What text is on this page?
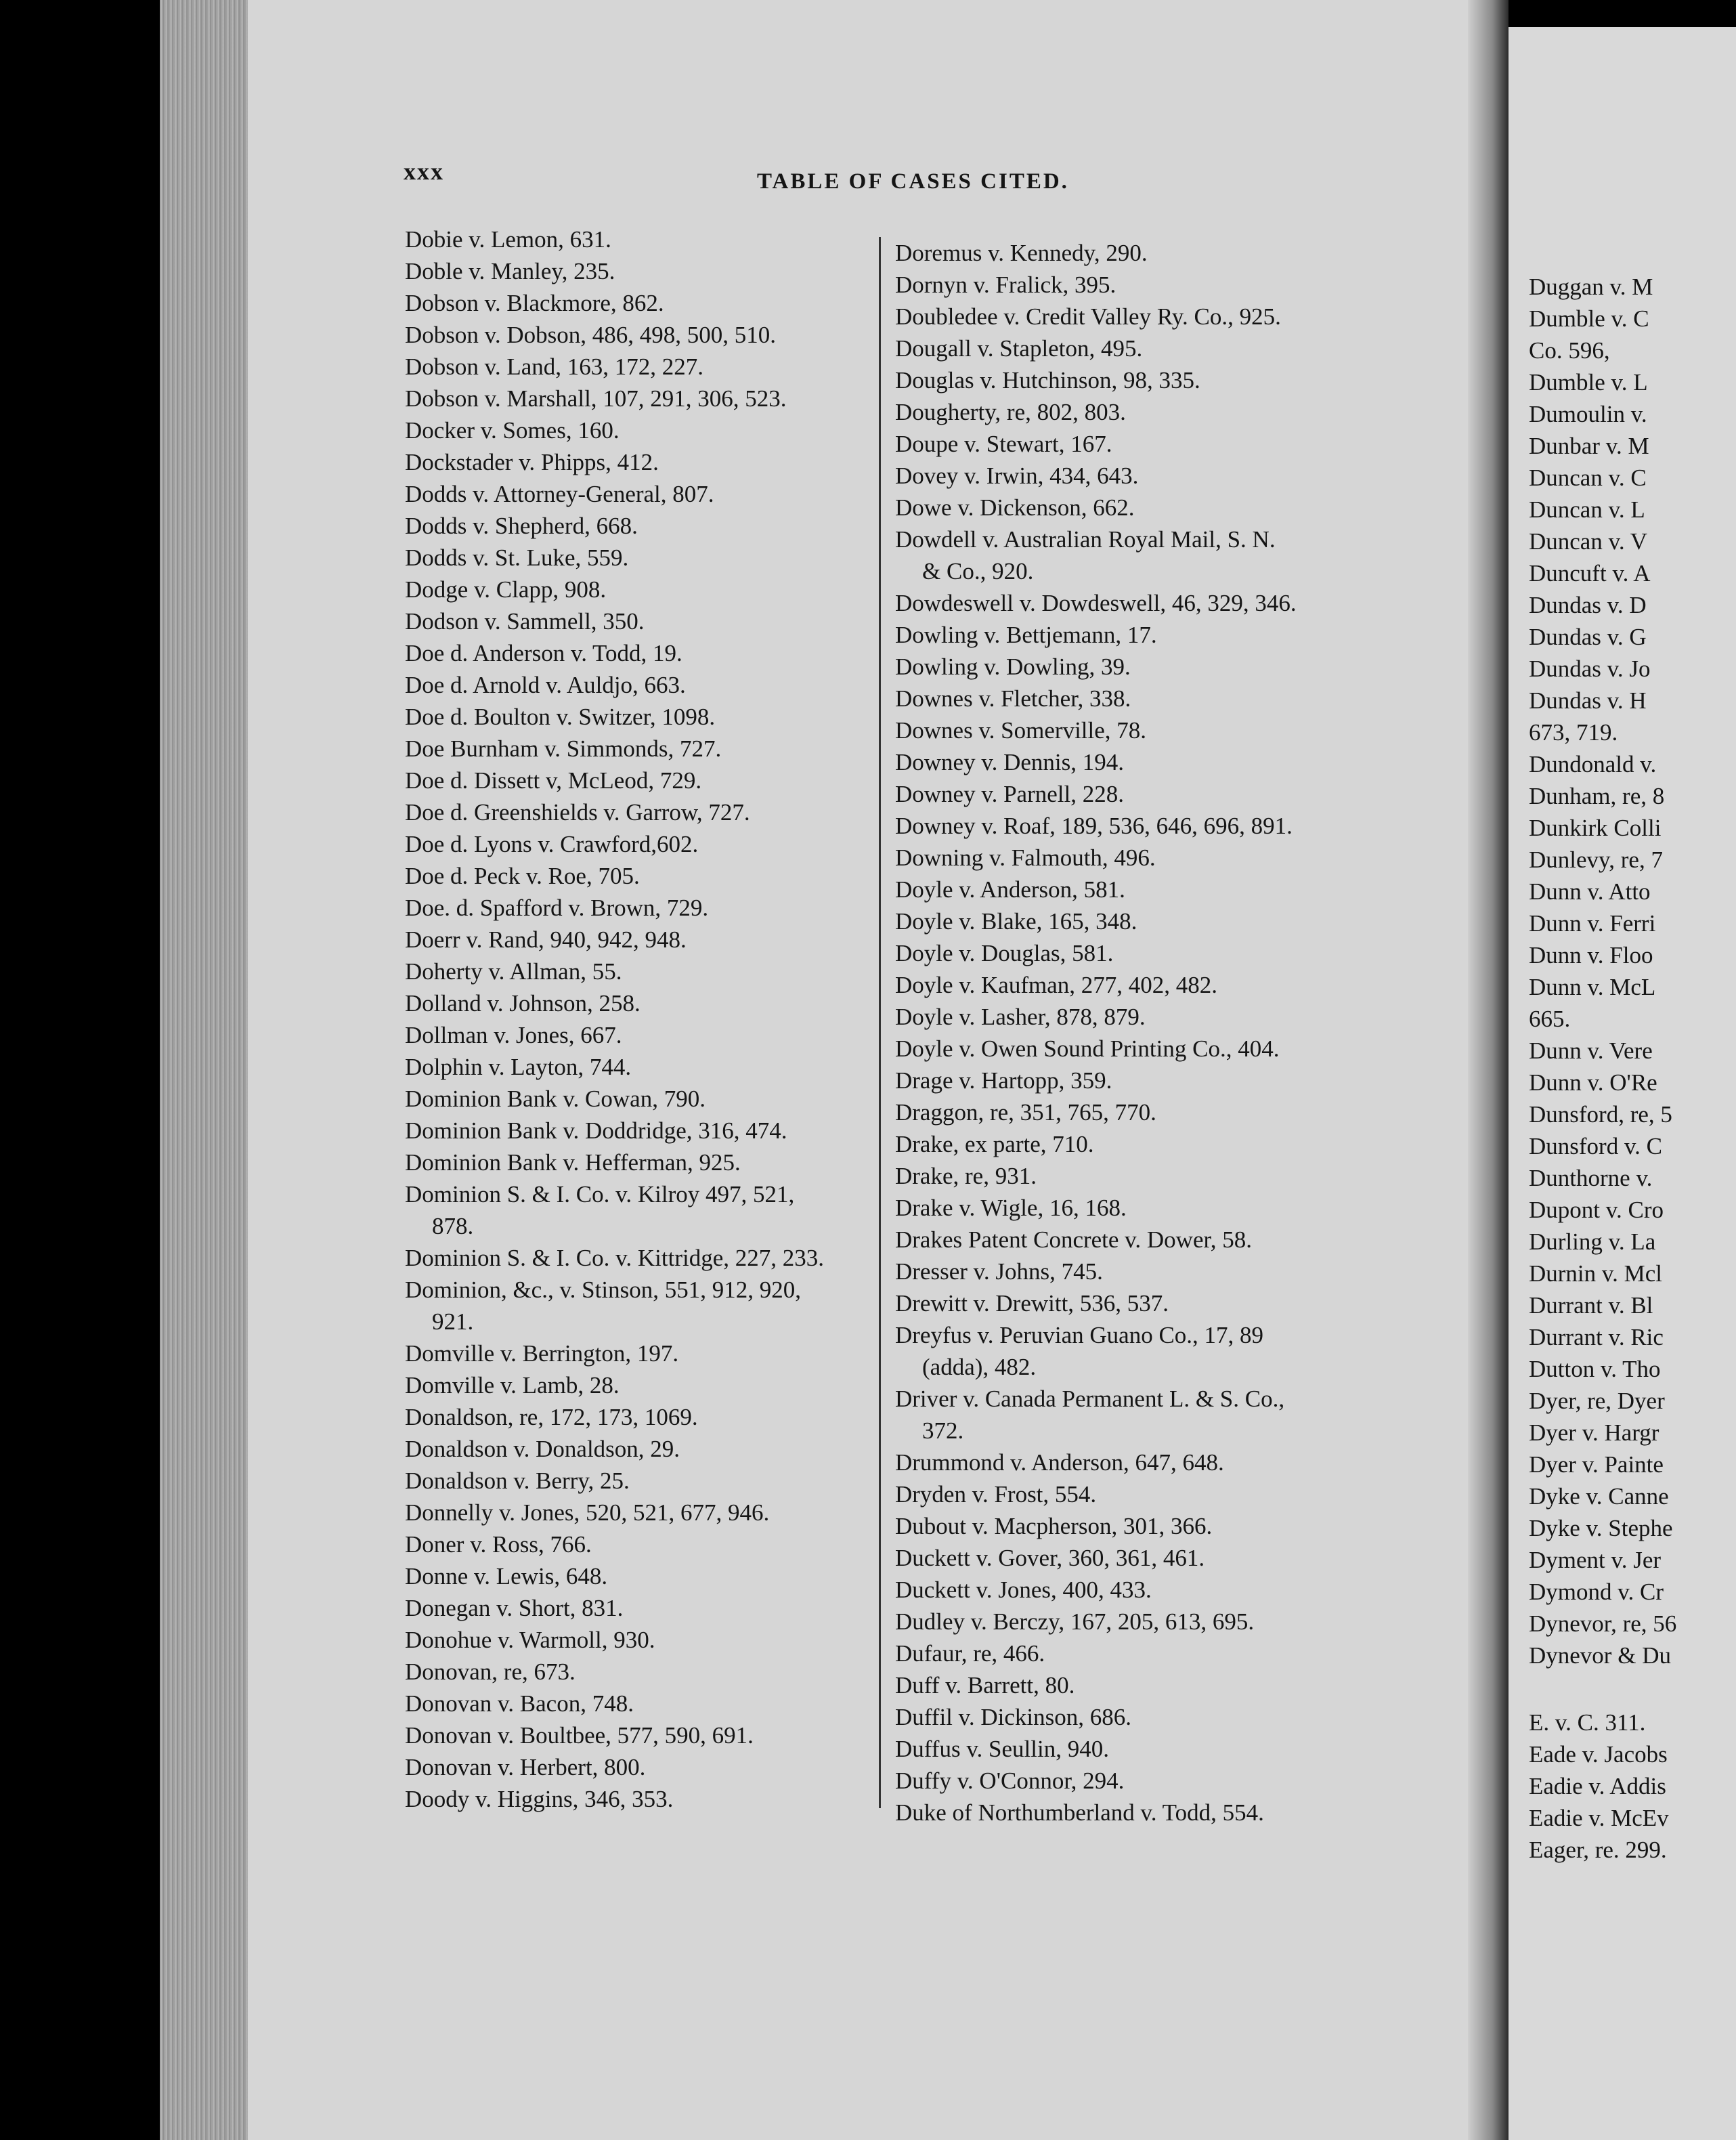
xxx	TABLE OF CASES CITED.
Dobie v. Lemon, 631.
Doble v. Manley, 235.
Dobson v. Blackmore, 862.
Dobson v. Dobson, 486, 498, 500, 510.
Dobson v. Land, 163, 172, 227.
Dobson v. Marshall, 107, 291, 306, 523.
Docker v. Somes, 160.
Dockstader v. Phipps, 412.
Dodds v. Attorney-General, 807.
Dodds v. Shepherd, 668.
Dodds v. St. Luke, 559.
Dodge v. Clapp, 908.
Dodson v. Sammell, 350.
Doe d. Anderson v. Todd, 19.
Doe d. Arnold v. Auldjo, 663.
Doe d. Boulton v. Switzer, 1098.
Doe Burnham v. Simmonds, 727.
Doe d. Dissett v, McLeod, 729.
Doe d. Greenshields v. Garrow, 727.
Doe d. Lyons v. Crawford,602.
Doe d. Peck v. Roe, 705.
Doe. d. Spafford v. Brown, 729.
Doerr v. Rand, 940, 942, 948.
Doherty v. Allman, 55.
Dolland v. Johnson, 258.
Dollman v. Jones, 667.
Dolphin v. Layton, 744.
Dominion Bank v. Cowan, 790.
Dominion Bank v. Doddridge, 316, 474.
Dominion Bank v. Hefferman, 925.
Dominion S. & I. Co. v. Kilroy 497, 521,
878.
Dominion S. & I. Co. v. Kittridge, 227, 233.
Dominion, &c., v. Stinson, 551, 912, 920,
921.
Domville v. Berrington, 197.
Domville v. Lamb, 28.
Donaldson, re, 172, 173, 1069.
Donaldson v. Donaldson, 29.
Donaldson v. Berry, 25.
Donnelly v. Jones, 520, 521, 677, 946.
Doner v. Ross, 766.
Donne v. Lewis, 648.
Donegan v. Short, 831.
Donohue v. Warmoll, 930.
Donovan, re, 673.
Donovan v. Bacon, 748.
Donovan v. Boultbee, 577, 590, 691.
Donovan v. Herbert, 800.
Doody v. Higgins, 346, 353.
Doremus v. Kennedy, 290.
Dornyn v. Fralick, 395.
Doubledee v. Credit Valley Ry. Co., 925.
Dougall v. Stapleton, 495.
Douglas v. Hutchinson, 98, 335.
Dougherty, re, 802, 803.
Doupe v. Stewart, 167.
Dovey v. Irwin, 434, 643.
Dowe v. Dickenson, 662.
Dowdell v. Australian Royal Mail, S. N.
& Co., 920.
Dowdeswell v. Dowdeswell, 46, 329, 346.
Dowling v. Bettjemann, 17.
Dowling v. Dowling, 39.
Downes v. Fletcher, 338.
Downes v. Somerville, 78.
Downey v. Dennis, 194.
Downey v. Parnell, 228.
Downey v. Roaf, 189, 536, 646, 696, 891.
Downing v. Falmouth, 496.
Doyle v. Anderson, 581.
Doyle v. Blake, 165, 348.
Doyle v. Douglas, 581.
Doyle v. Kaufman, 277, 402, 482.
Doyle v. Lasher, 878, 879.
Doyle v. Owen Sound Printing Co., 404.
Drage v. Hartopp, 359.
Draggon, re, 351, 765, 770.
Drake, ex parte, 710.
Drake, re, 931.
Drake v. Wigle, 16, 168.
Drakes Patent Concrete v. Dower, 58.
Dresser v. Johns, 745.
Drewitt v. Drewitt, 536, 537.
Dreyfus v. Peruvian Guano Co., 17, 89
(adda), 482.
Driver v. Canada Permanent L. & S. Co.,
372.
Drummond v. Anderson, 647, 648.
Dryden v. Frost, 554.
Dubout v. Macpherson, 301, 366.
Duckett v. Gover, 360, 361, 461.
Duckett v. Jones, 400, 433.
Dudley v. Berczy, 167, 205, 613, 695.
Dufaur, re, 466.
Duff v. Barrett, 80.
Duffil v. Dickinson, 686.
Duffus v. Seullin, 940.
Duffy v. O'Connor, 294.
Duke of Northumberland v. Todd, 554.
Duggan v. M
Dumble v. C
Co. 596,
Dumble v. L
Dumoulin v.
Dunbar v. M
Duncan v. C
Duncan v. L
Duncan v. V
Duncuft v. A
Dundas v. D
Dundas v. G
Dundas v. Jo
Dundas v. H
673, 719.
Dundonald v.
Dunham, re, 8
Dunkirk Colli
Dunlevy, re, 7
Dunn v. Atto
Dunn v. Ferri
Dunn v. Floo
Dunn v. McL
665.
Dunn v. Vere
Dunn v. O'Re
Dunsford, re, 5
Dunsford v. C
Dunthorne v.
Dupont v. Cro
Durling v. La
Durnin v. Mcl
Durrant v. Bl
Durrant v. Ric
Dutton v. Tho
Dyer, re, Dyer
Dyer v. Hargr
Dyer v. Painte
Dyke v. Canne
Dyke v. Stephe
Dyment v. Jer
Dymond v. Cr
Dynevor, re, 56
Dynevor & Du
E. v. C. 311.
Eade v. Jacobs
Eadie v. Addis
Eadie v. McEv
Eager, re. 299.
